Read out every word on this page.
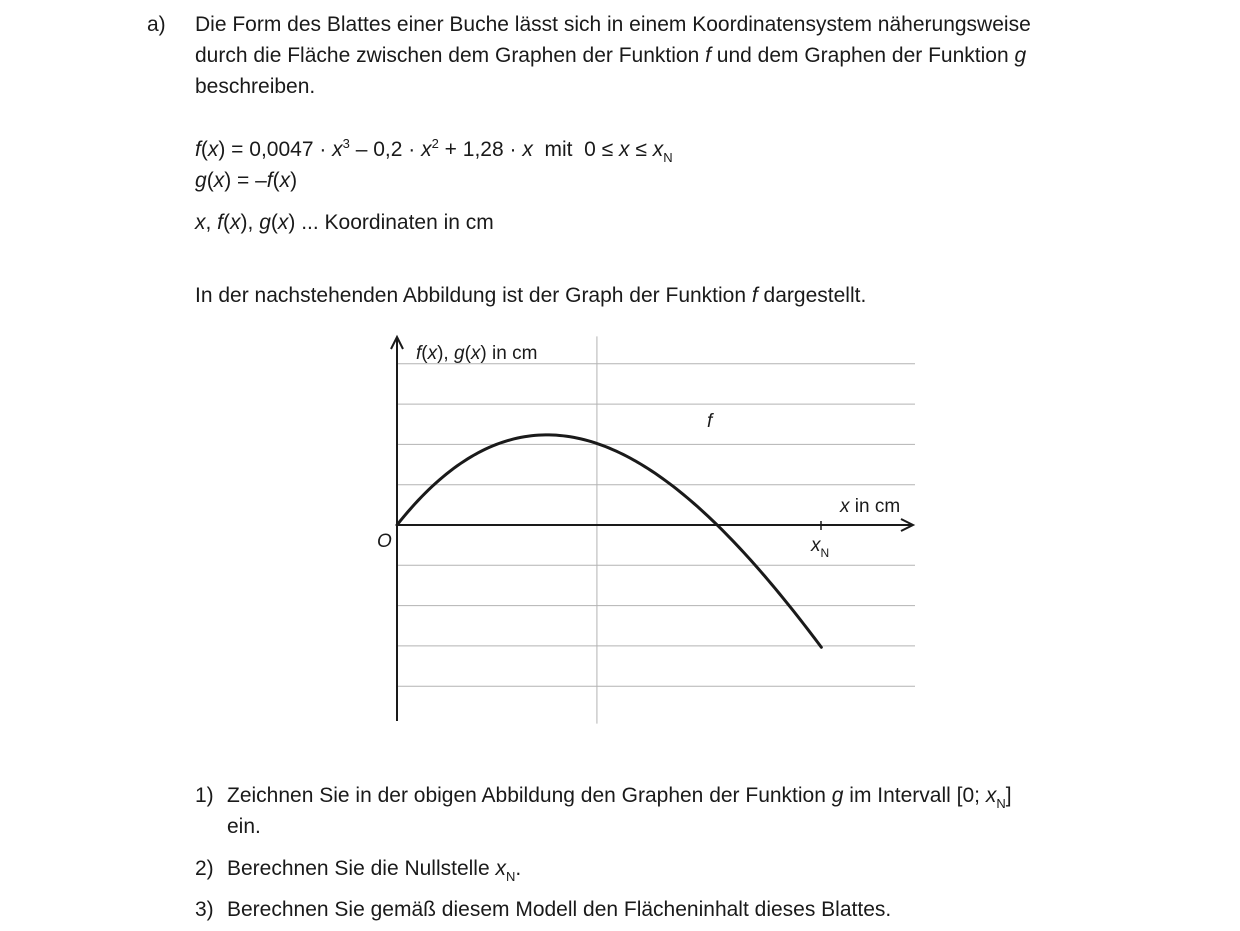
a) Die Form des Blattes einer Buche lässt sich in einem Koordinatensystem näherungsweise
durch die Fläche zwischen dem Graphen der Funktion f und dem Graphen der Funktion g
beschreiben.
$f(x) = 0,0047 \cdot x^3 - 0,2 \cdot x^2 + 1,28 \cdot x$  mit  $0 \le x \le x_N$
g(x) = –f(x)
x, f(x), g(x) ... Koordinaten in cm
In der nachstehenden Abbildung ist der Graph der Funktion f dargestellt.
f(x), g(x) in cm
x in cm
O
f
$x_N$
1) Zeichnen Sie in der obigen Abbildung den Graphen der Funktion g im Intervall [0; $x_N$]
ein.
2) Berechnen Sie die Nullstelle $x_N$.
3) Berechnen Sie gemäß diesem Modell den Flächeninhalt dieses Blattes.
